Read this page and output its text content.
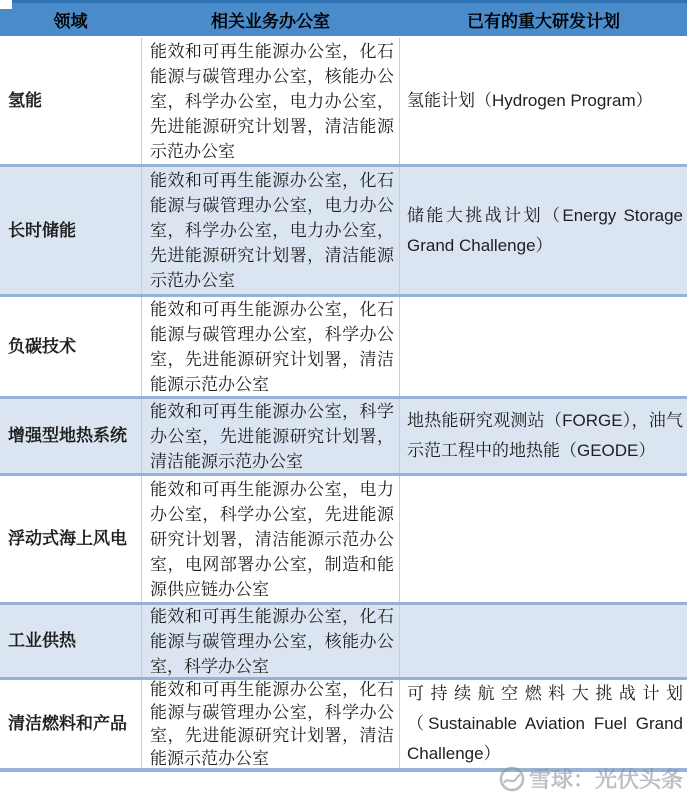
领域	相关业务办公室	已有的重大研发计划
氢能
能效和可再生能源办公室，化石能源与碳管理办公室，核能办公室，科学办公室，电力办公室，先进能源研究计划署，清洁能源示范办公室
氢能计划（Hydrogen Program）
长时储能
能效和可再生能源办公室，化石能源与碳管理办公室，电力办公室，科学办公室，电力办公室，先进能源研究计划署，清洁能源示范办公室
储能大挑战计划（Energy Storage Grand Challenge）
负碳技术
能效和可再生能源办公室，化石能源与碳管理办公室，科学办公室，先进能源研究计划署，清洁能源示范办公室
增强型地热系统
能效和可再生能源办公室，科学办公室，先进能源研究计划署，清洁能源示范办公室
地热能研究观测站（FORGE），油气示范工程中的地热能（GEODE）
浮动式海上风电
能效和可再生能源办公室，电力办公室，科学办公室，先进能源研究计划署，清洁能源示范办公室，电网部署办公室，制造和能源供应链办公室
工业供热
能效和可再生能源办公室，化石能源与碳管理办公室，核能办公室，科学办公室
清洁燃料和产品
能效和可再生能源办公室，化石能源与碳管理办公室，科学办公室，先进能源研究计划署，清洁能源示范办公室
可持续航空燃料大挑战计划（Sustainable Aviation Fuel Grand Challenge）
雪球：光伏头条
